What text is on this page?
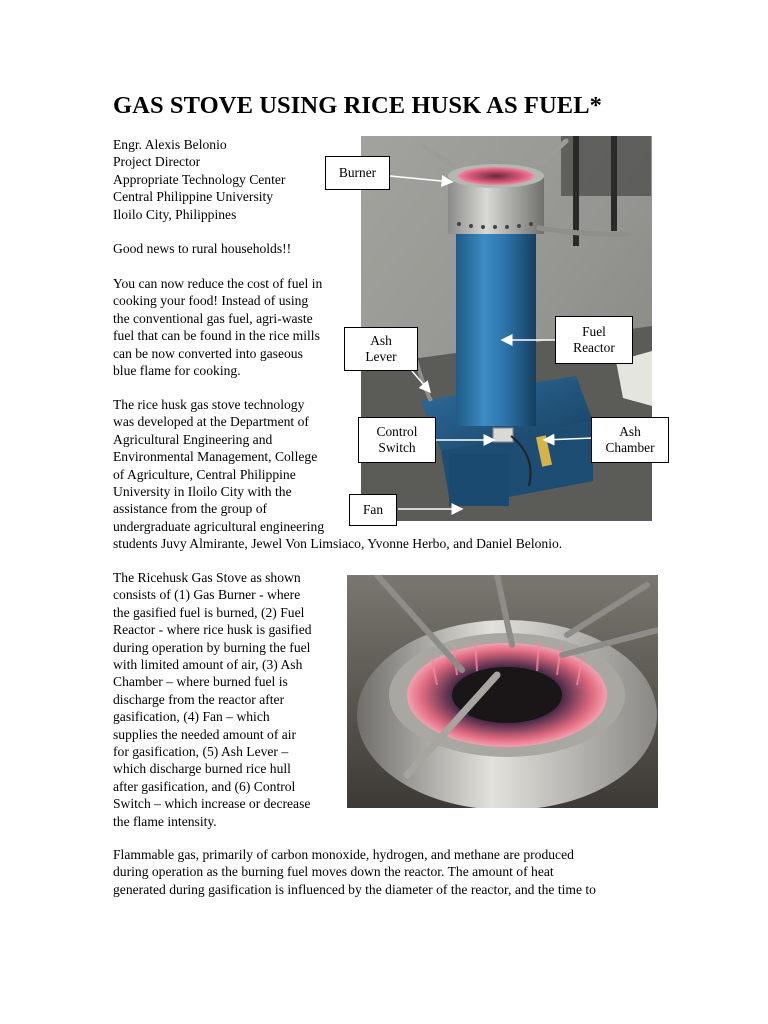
GAS STOVE USING RICE HUSK AS FUEL*
Engr. Alexis Belonio
Project Director
Appropriate Technology Center
Central Philippine University
Iloilo City, Philippines
Good news to rural households!!
You can now reduce the cost of fuel in
cooking your food! Instead of using
the conventional gas fuel, agri-waste
fuel that can be found in the rice mills
can be now converted into gaseous
blue flame for cooking.
The rice husk gas stove technology
was developed at the Department of
Agricultural Engineering and
Environmental Management, College
of Agriculture, Central Philippine
University in Iloilo City with the
assistance from the group of
undergraduate agricultural engineering
students Juvy Almirante, Jewel Von Limsiaco, Yvonne Herbo, and Daniel Belonio.
The Ricehusk Gas Stove as shown
consists of (1) Gas Burner - where
the gasified fuel is burned, (2) Fuel
Reactor - where rice husk is gasified
during operation by burning the fuel
with limited amount of air, (3) Ash
Chamber – where burned fuel is
discharge from the reactor after
gasification, (4) Fan – which
supplies the needed amount of air
for gasification, (5) Ash Lever –
which discharge burned rice hull
after gasification, and (6) Control
Switch – which increase or decrease
the flame intensity.
Flammable gas, primarily of carbon monoxide, hydrogen, and methane are produced
during operation as the burning fuel moves down the reactor. The amount of heat
generated during gasification is influenced by the diameter of the reactor, and the time to
Burner
Fuel
Reactor
Ash
Lever
Control
Switch
Ash
Chamber
Fan
